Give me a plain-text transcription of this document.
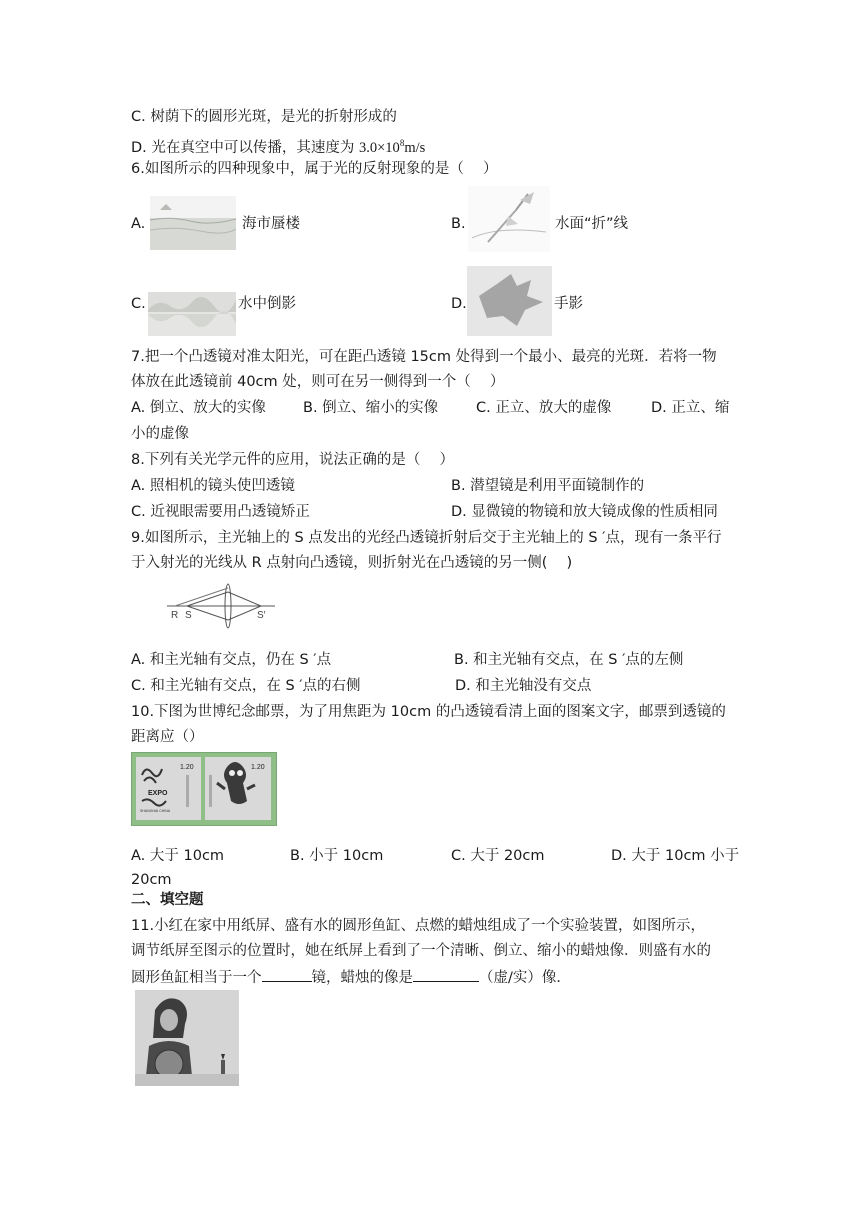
C. 树荫下的圆形光斑，是光的折射形成的
D. 光在真空中可以传播，其速度为 $3.0\times 10^8m/s$
6.如图所示的四种现象中，属于光的反射现象的是（　 ）
A.	海市蜃楼	B.	水面“折”线
C.	水中倒影	D.	手影
7.把一个凸透镜对准太阳光，可在距凸透镜 15cm 处得到一个最小、最亮的光斑．若将一物
体放在此透镜前 40cm 处，则可在另一侧得到一个（　 ）
A. 倒立、放大的实像	B. 倒立、缩小的实像	C. 正立、放大的虚像	D. 正立、缩
小的虚像
8.下列有关光学元件的应用，说法正确的是（　 ）
A. 照相机的镜头使凹透镜	B. 潜望镜是利用平面镜制作的
C. 近视眼需要用凸透镜矫正	D. 显微镜的物镜和放大镜成像的性质相同
9.如图所示，主光轴上的 S 点发出的光经凸透镜折射后交于主光轴上的 S ′点，现有一条平行
于入射光的光线从 R 点射向凸透镜，则折射光在凸透镜的另一侧(　 )
R S	S′
A. 和主光轴有交点，仍在 S ′点	B. 和主光轴有交点，在 S ′点的左侧
C. 和主光轴有交点，在 S ′点的右侧	D. 和主光轴没有交点
10.下图为世博纪念邮票，为了用焦距为 10cm 的凸透镜看清上面的图案文字，邮票到透镜的
距离应（）
EXPO
SHANGHAI CHINA
1.20	1.20
A. 大于 10cm	B. 小于 10cm	C. 大于 20cm	D. 大于 10cm 小于
20cm
二、填空题
11.小红在家中用纸屏、盛有水的圆形鱼缸、点燃的蜡烛组成了一个实验装置，如图所示，
调节纸屏至图示的位置时，她在纸屏上看到了一个清晰、倒立、缩小的蜡烛像．则盛有水的
圆形鱼缸相当于一个	镜，蜡烛的像是	（虚/实）像．
